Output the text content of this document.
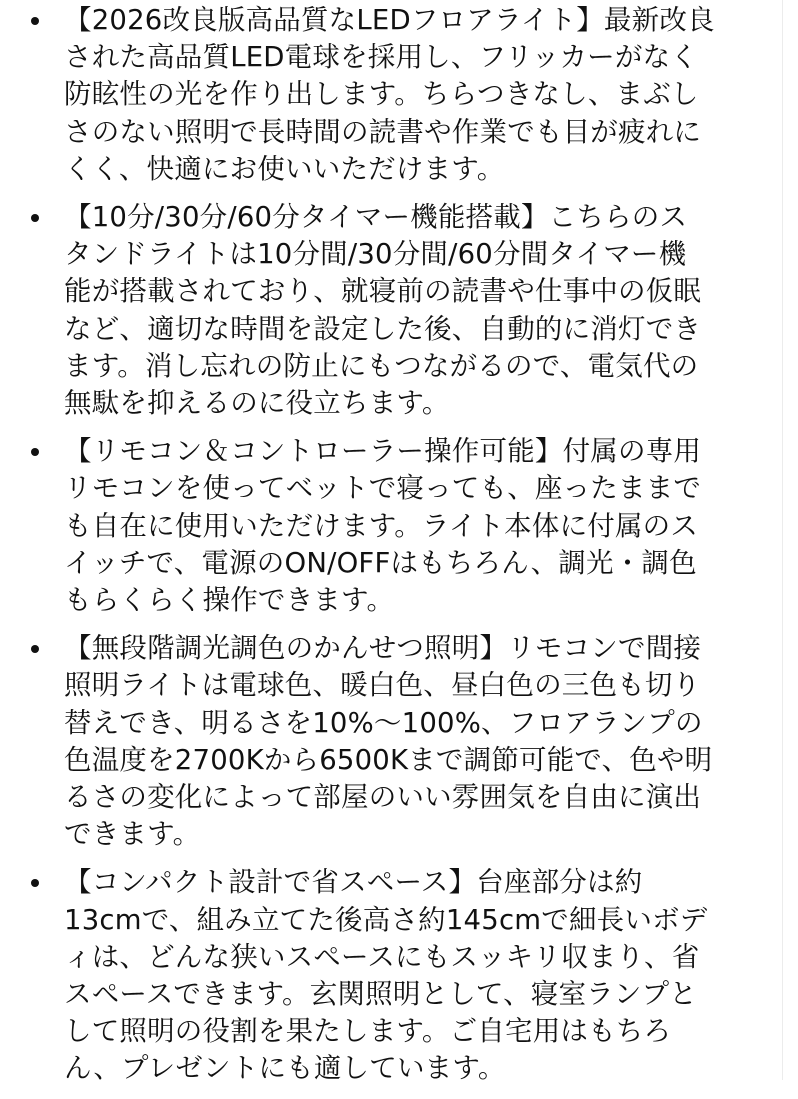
【2026改良版高品質なLEDフロアライト】最新改良
された高品質LED電球を採用し、フリッカーがなく
防眩性の光を作り出します。ちらつきなし、まぶし
さのない照明で長時間の読書や作業でも目が疲れに
くく、快適にお使いいただけます。
【10分/30分/60分タイマー機能搭載】こちらのス
タンドライトは10分間/30分間/60分間タイマー機
能が搭載されており、就寝前の読書や仕事中の仮眠
など、適切な時間を設定した後、自動的に消灯でき
ます。消し忘れの防止にもつながるので、電気代の
無駄を抑えるのに役立ちます。
【リモコン＆コントローラー操作可能】付属の専用
リモコンを使ってベットで寝っても、座ったままで
も自在に使用いただけます。ライト本体に付属のス
イッチで、電源のON/OFFはもちろん、調光・調色
もらくらく操作できます。
【無段階調光調色のかんせつ照明】リモコンで間接
照明ライトは電球色、暖白色、昼白色の三色も切り
替えでき、明るさを10%～100%、フロアランプの
色温度を2700Kから6500Kまで調節可能で、色や明
るさの変化によって部屋のいい雰囲気を自由に演出
できます。
【コンパクト設計で省スペース】台座部分は約
13cmで、組み立てた後高さ約145cmで細長いボデ
ィは、どんな狭いスペースにもスッキリ収まり、省
スペースできます。玄関照明として、寝室ランプと
して照明の役割を果たします。ご自宅用はもちろ
ん、プレゼントにも適しています。
